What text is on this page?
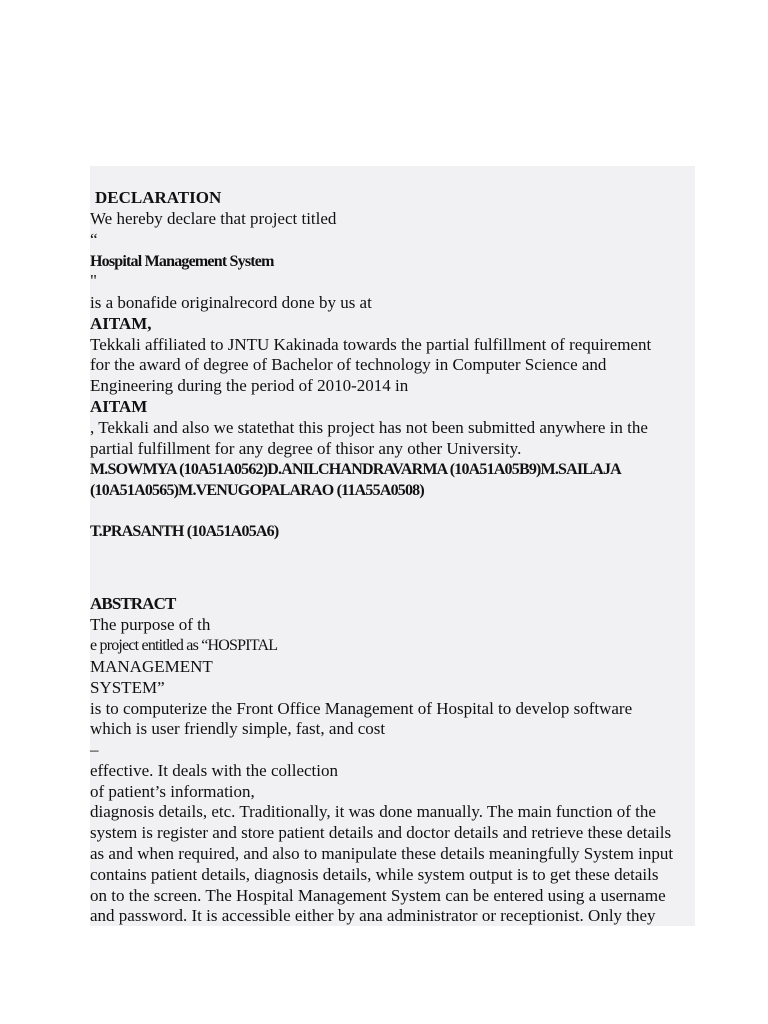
DECLARATION
We hereby declare that project titled
“
Hospital Management System
"
is a bonafide originalrecord done by us at
AITAM,
Tekkali affiliated to JNTU Kakinada towards the partial fulfillment of requirement
for the award of degree of Bachelor of technology in Computer Science and
Engineering during the period of 2010-2014 in
AITAM
, Tekkali and also we statethat this project has not been submitted anywhere in the
partial fulfillment for any degree of thisor any other University.
M.SOWMYA (10A51A0562)D.ANILCHANDRAVARMA (10A51A05B9)M.SAILAJA
(10A51A0565)M.VENUGOPALARAO (11A55A0508)
T.PRASANTH (10A51A05A6)
ABSTRACT
The purpose of th
e project entitled as “HOSPITAL
MANAGEMENT
SYSTEM”
is to computerize the Front Office Management of Hospital to develop software
which is user friendly simple, fast, and cost
–
effective. It deals with the collection
of patient’s information,
diagnosis details, etc. Traditionally, it was done manually. The main function of the
system is register and store patient details and doctor details and retrieve these details
as and when required, and also to manipulate these details meaningfully System input
contains patient details, diagnosis details, while system output is to get these details
on to the screen. The Hospital Management System can be entered using a username
and password. It is accessible either by ana administrator or receptionist. Only they
